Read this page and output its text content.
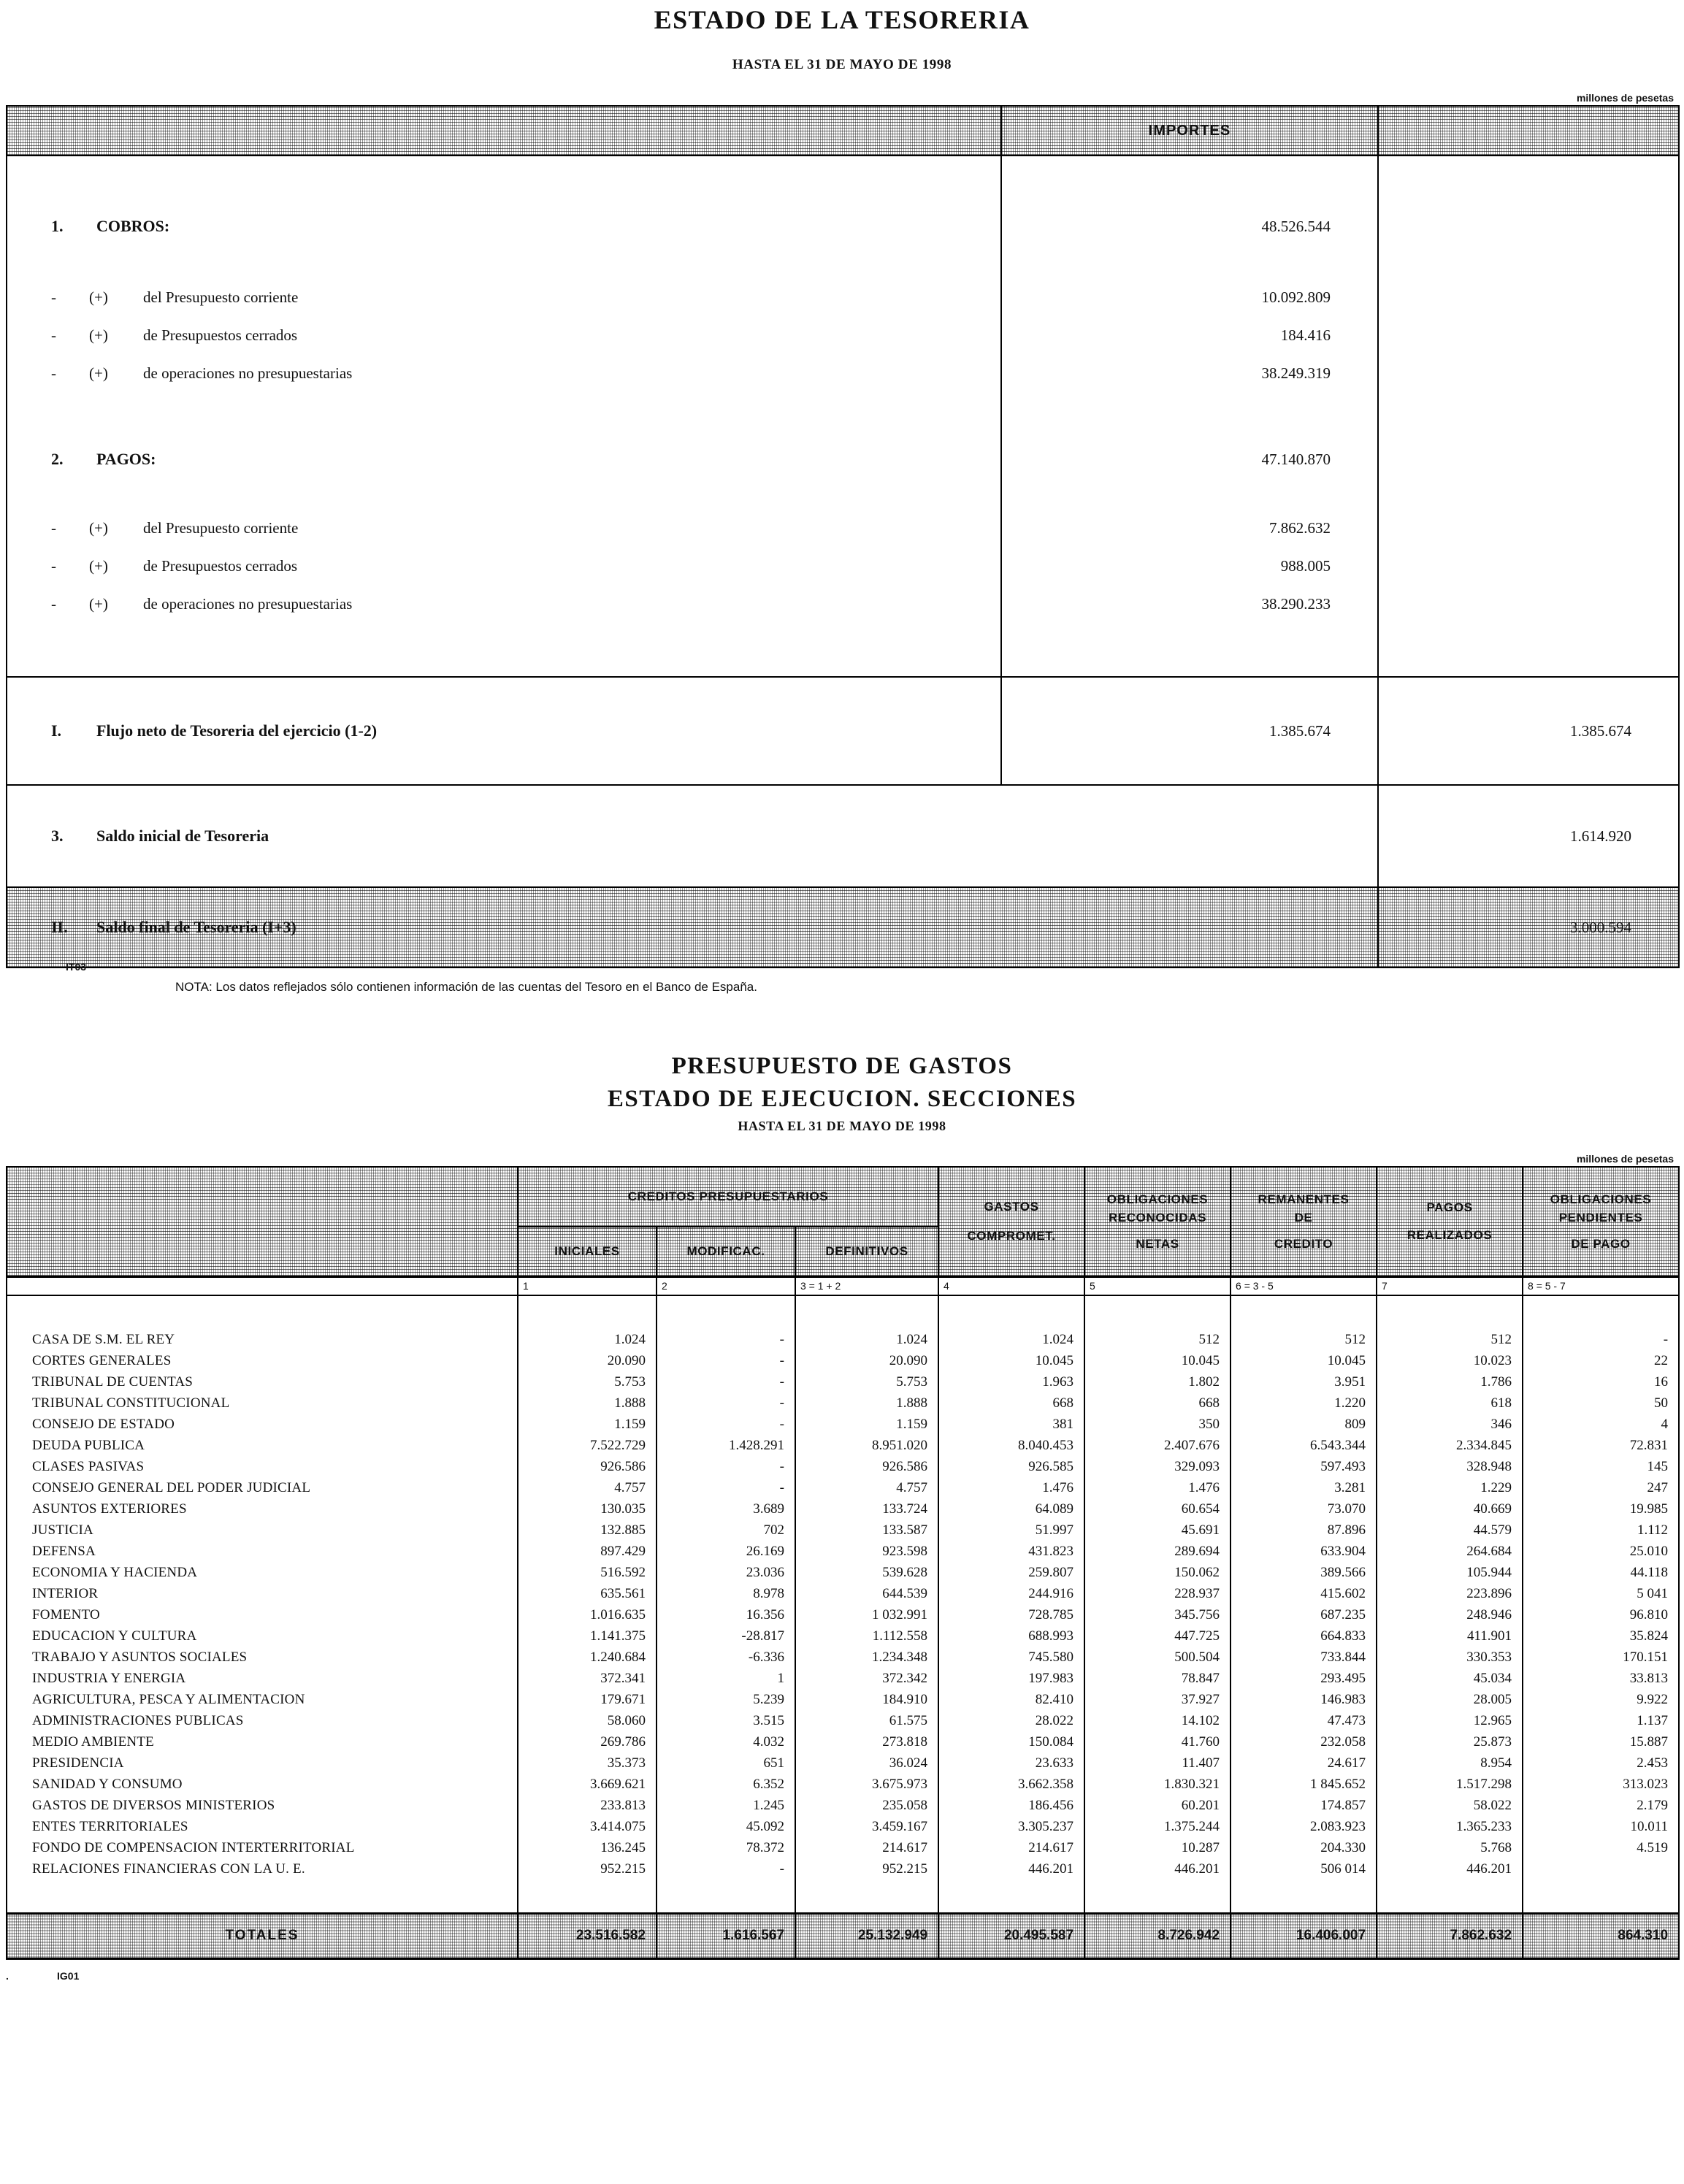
ESTADO DE LA TESORERIA
HASTA EL 31 DE MAYO DE 1998
millones de pesetas
	IMPORTES	

1. COBROS:	48.526.544	

- (+) del Presupuesto corriente	10.092.809	
- (+) de Presupuestos cerrados	184.416	
- (+) de operaciones no presupuestarias	38.249.319	

2. PAGOS:	47.140.870	

- (+) del Presupuesto corriente	7.862.632	
- (+) de Presupuestos cerrados	988.005	
- (+) de operaciones no presupuestarias	38.290.233	

I. Flujo neto de Tesoreria del ejercicio (1-2)	1.385.674	1.385.674
3. Saldo inicial de Tesoreria		1.614.920
II. Saldo final de Tesoreria (I+3)		3.000.594
IT03
NOTA: Los datos reflejados sólo contienen información de las cuentas del Tesoro en el Banco de España.
PRESUPUESTO DE GASTOS
ESTADO DE EJECUCION. SECCIONES
HASTA EL 31 DE MAYO DE 1998
millones de pesetas
	CREDITOS PRESUPUESTARIOS	
GASTOS
COMPROMET.

OBLIGACIONES
RECONOCIDAS
NETAS

REMANENTES
DE
CREDITO

PAGOS
REALIZADOS

OBLIGACIONES
PENDIENTES
DE PAGO

	INICIALES	MODIFICAC.	DEFINITIVOS					
	1	2	3 = 1 + 2	4	5	6 = 3 - 5	7	8 = 5 - 7

CASA DE S.M. EL REY	1.024	-	1.024	1.024	512	512	512	-
CORTES GENERALES	20.090	-	20.090	10.045	10.045	10.045	10.023	22
TRIBUNAL DE CUENTAS	5.753	-	5.753	1.963	1.802	3.951	1.786	16
TRIBUNAL CONSTITUCIONAL	1.888	-	1.888	668	668	1.220	618	50
CONSEJO DE ESTADO	1.159	-	1.159	381	350	809	346	4
DEUDA PUBLICA	7.522.729	1.428.291	8.951.020	8.040.453	2.407.676	6.543.344	2.334.845	72.831
CLASES PASIVAS	926.586	-	926.586	926.585	329.093	597.493	328.948	145
CONSEJO GENERAL DEL PODER JUDICIAL	4.757	-	4.757	1.476	1.476	3.281	1.229	247
ASUNTOS EXTERIORES	130.035	3.689	133.724	64.089	60.654	73.070	40.669	19.985
JUSTICIA	132.885	702	133.587	51.997	45.691	87.896	44.579	1.112
DEFENSA	897.429	26.169	923.598	431.823	289.694	633.904	264.684	25.010
ECONOMIA Y HACIENDA	516.592	23.036	539.628	259.807	150.062	389.566	105.944	44.118
INTERIOR	635.561	8.978	644.539	244.916	228.937	415.602	223.896	5 041
FOMENTO	1.016.635	16.356	1 032.991	728.785	345.756	687.235	248.946	96.810
EDUCACION Y CULTURA	1.141.375	-28.817	1.112.558	688.993	447.725	664.833	411.901	35.824
TRABAJO Y ASUNTOS SOCIALES	1.240.684	-6.336	1.234.348	745.580	500.504	733.844	330.353	170.151
INDUSTRIA Y ENERGIA	372.341	1	372.342	197.983	78.847	293.495	45.034	33.813
AGRICULTURA, PESCA Y ALIMENTACION	179.671	5.239	184.910	82.410	37.927	146.983	28.005	9.922
ADMINISTRACIONES PUBLICAS	58.060	3.515	61.575	28.022	14.102	47.473	12.965	1.137
MEDIO AMBIENTE	269.786	4.032	273.818	150.084	41.760	232.058	25.873	15.887
PRESIDENCIA	35.373	651	36.024	23.633	11.407	24.617	8.954	2.453
SANIDAD Y CONSUMO	3.669.621	6.352	3.675.973	3.662.358	1.830.321	1 845.652	1.517.298	313.023
GASTOS DE DIVERSOS MINISTERIOS	233.813	1.245	235.058	186.456	60.201	174.857	58.022	2.179
ENTES TERRITORIALES	3.414.075	45.092	3.459.167	3.305.237	1.375.244	2.083.923	1.365.233	10.011
FONDO DE COMPENSACION INTERTERRITORIAL	136.245	78.372	214.617	214.617	10.287	204.330	5.768	4.519
RELACIONES FINANCIERAS CON LA U. E.	952.215	-	952.215	446.201	446.201	506 014	446.201	

TOTALES	23.516.582	1.616.567	25.132.949	20.495.587	8.726.942	16.406.007	7.862.632	864.310
.	IG01
